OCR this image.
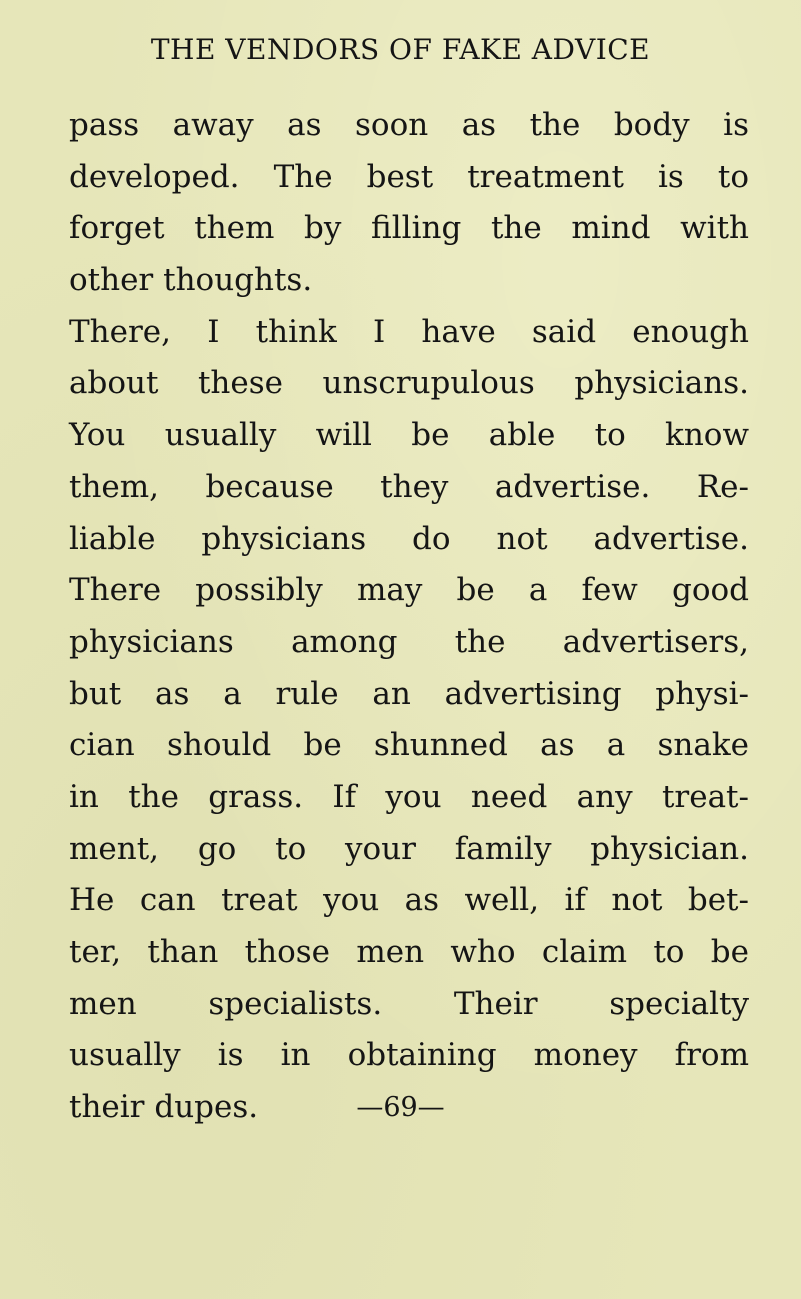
THE VENDORS OF FAKE ADVICE
pass away as soon as the body is
developed. The best treatment is to
forget them by filling the mind with
other thoughts.
There, I think I have said enough
about these unscrupulous physicians.
You usually will be able to know
them, because they advertise. Re-
liable physicians do not advertise.
There possibly may be a few good
physicians among the advertisers,
but as a rule an advertising physi-
cian should be shunned as a snake
in the grass. If you need any treat-
ment, go to your family physician.
He can treat you as well, if not bet-
ter, than those men who claim to be
men specialists. Their specialty
usually is in obtaining money from
their dupes.	—69—
